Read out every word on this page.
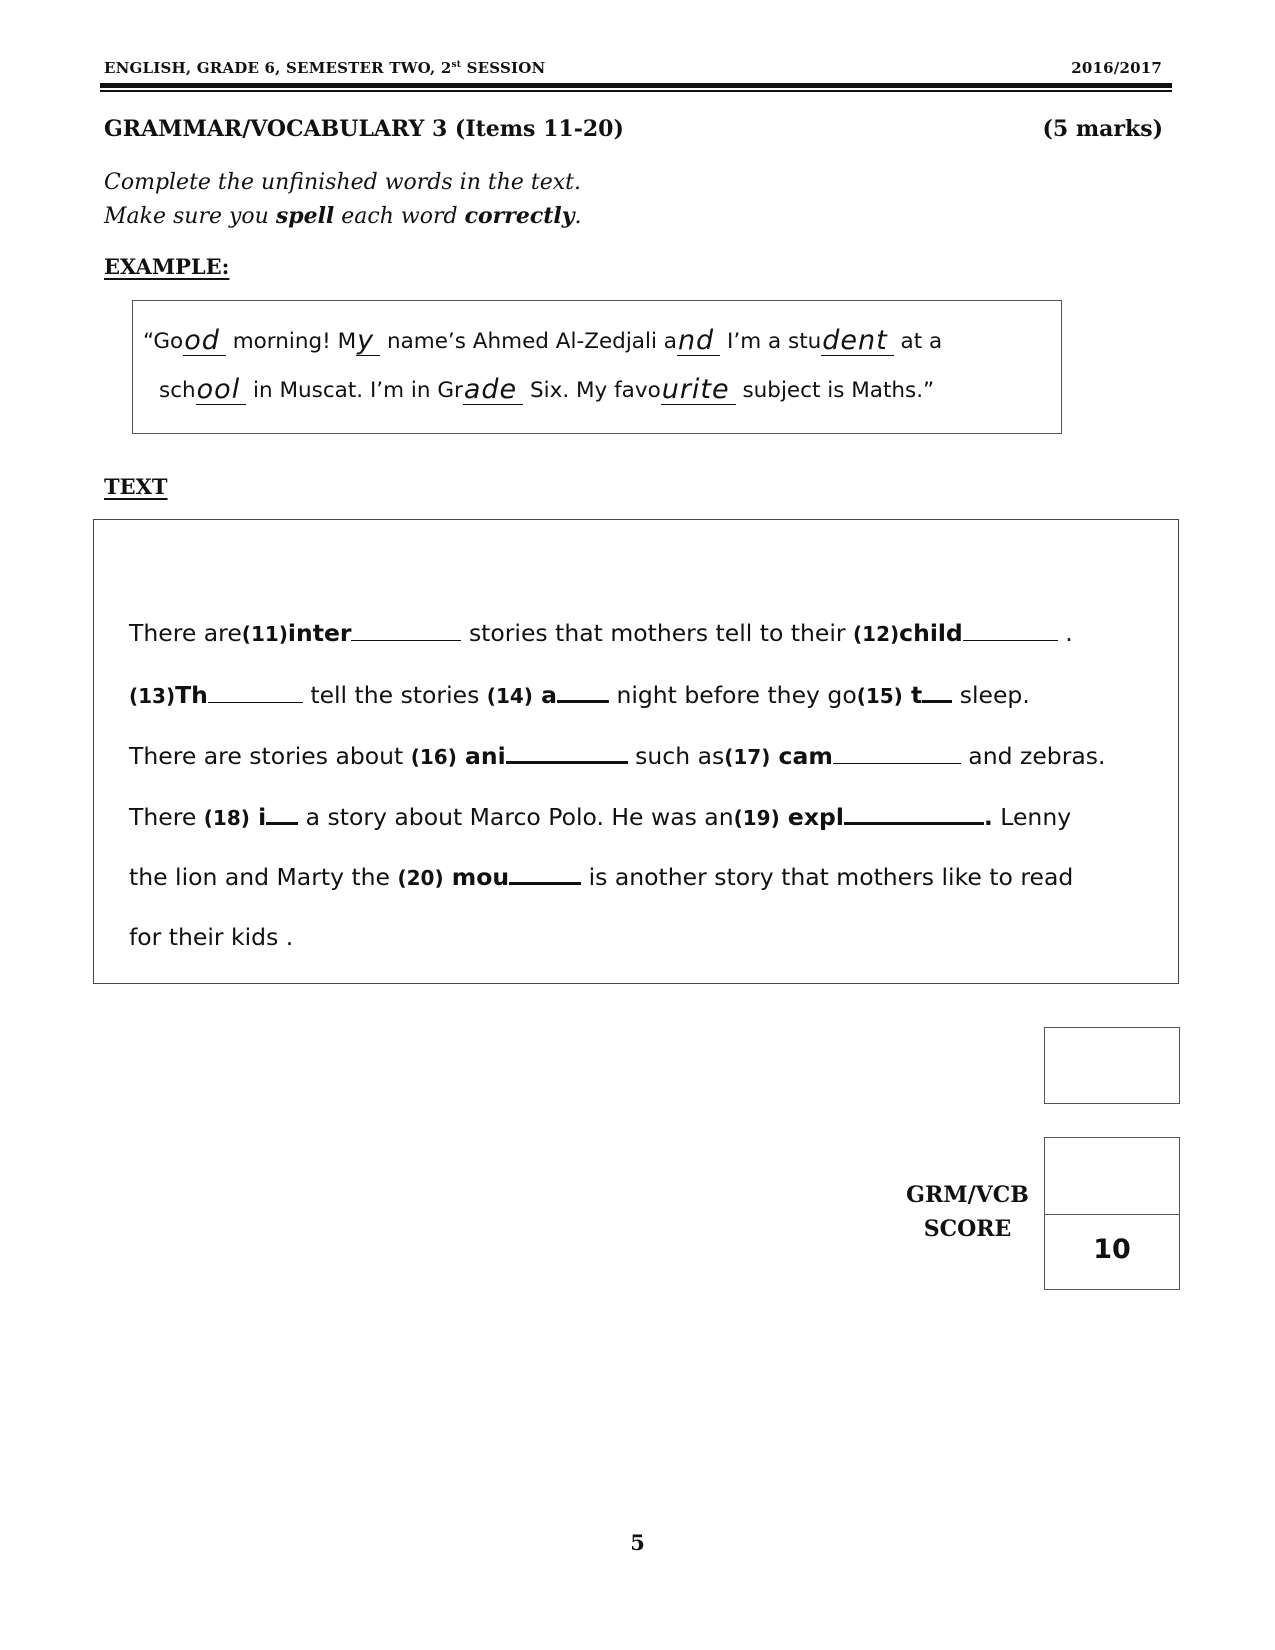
ENGLISH, GRADE 6, SEMESTER TWO, 2st SESSION	2016/2017
GRAMMAR/VOCABULARY 3 (Items 11-20)	(5 marks)
Complete the unfinished words in the text.
Make sure you spell each word correctly.
EXAMPLE:
“Good morning! My name’s Ahmed Al-Zedjali and I’m a student at a
school in Muscat. I’m in Grade Six. My favourite subject is Maths.”
TEXT
There are(11)inter	stories that mothers tell to their (12)child	.
(13)Th	tell the stories (14) a night before they go(15) t sleep.
There are stories about (16) ani	such as(17) cam	and zebras.
There (18) i a story about Marco Polo. He was an(19) expl	. Lenny
the lion and Marty the (20) mou	is another story that mothers like to read
for their kids .
GRM/VCB
SCORE
10
5
